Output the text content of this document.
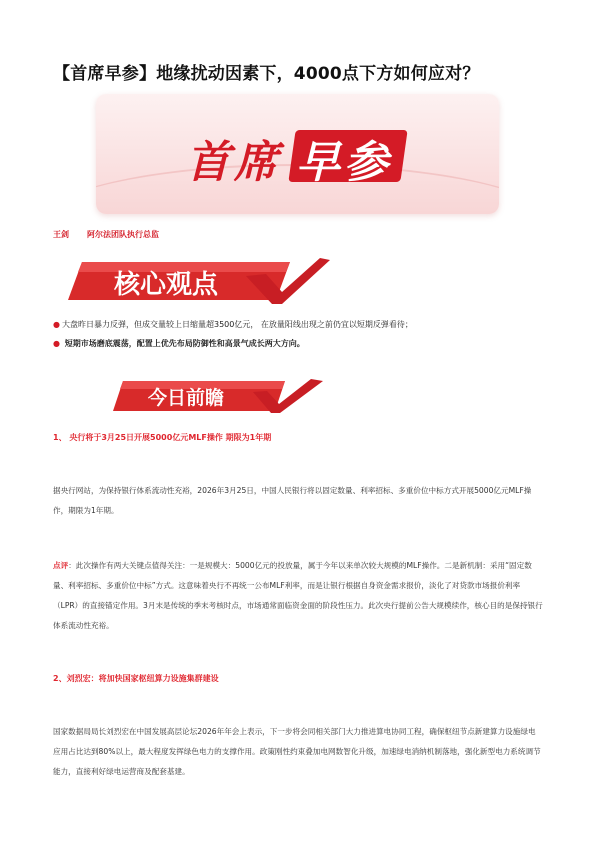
【首席早参】地缘扰动因素下，4000点下方如何应对？
首席 早参
王剑 阿尔法团队执行总监
核心观点
● 大盘昨日暴力反弹，但成交量较上日缩量超3500亿元， 在放量阳线出现之前仍宜以短期反弹看待；
● 短期市场磨底震荡，配置上优先布局防御性和高景气成长两大方向。
今日前瞻
1、 央行将于3月25日开展5000亿元MLF操作 期限为1年期
据央行网站，为保持银行体系流动性充裕，2026年3月25日，中国人民银行将以固定数量、利率招标、多重价位中标方式开展5000亿元MLF操作，期限为1年期。
点评：此次操作有两大关键点值得关注：一是规模大：5000亿元的投放量，属于今年以来单次较大规模的MLF操作。二是新机制：采用“固定数量、利率招标、多重价位中标”方式。这意味着央行不再统一公布MLF利率，而是让银行根据自身资金需求报价，淡化了对贷款市场报价利率（LPR）的直接锚定作用。3月末是传统的季末考核时点，市场通常面临资金面的阶段性压力。此次央行提前公告大规模续作，核心目的是保持银行体系流动性充裕。
2、刘烈宏：将加快国家枢纽算力设施集群建设
国家数据局局长刘烈宏在中国发展高层论坛2026年年会上表示，下一步将会同相关部门大力推进算电协同工程，确保枢纽节点新建算力设施绿电应用占比达到80%以上，最大程度发挥绿色电力的支撑作用。政策刚性约束叠加电网数智化升级，加速绿电消纳机制落地，强化新型电力系统调节能力，直接利好绿电运营商及配套基建。
